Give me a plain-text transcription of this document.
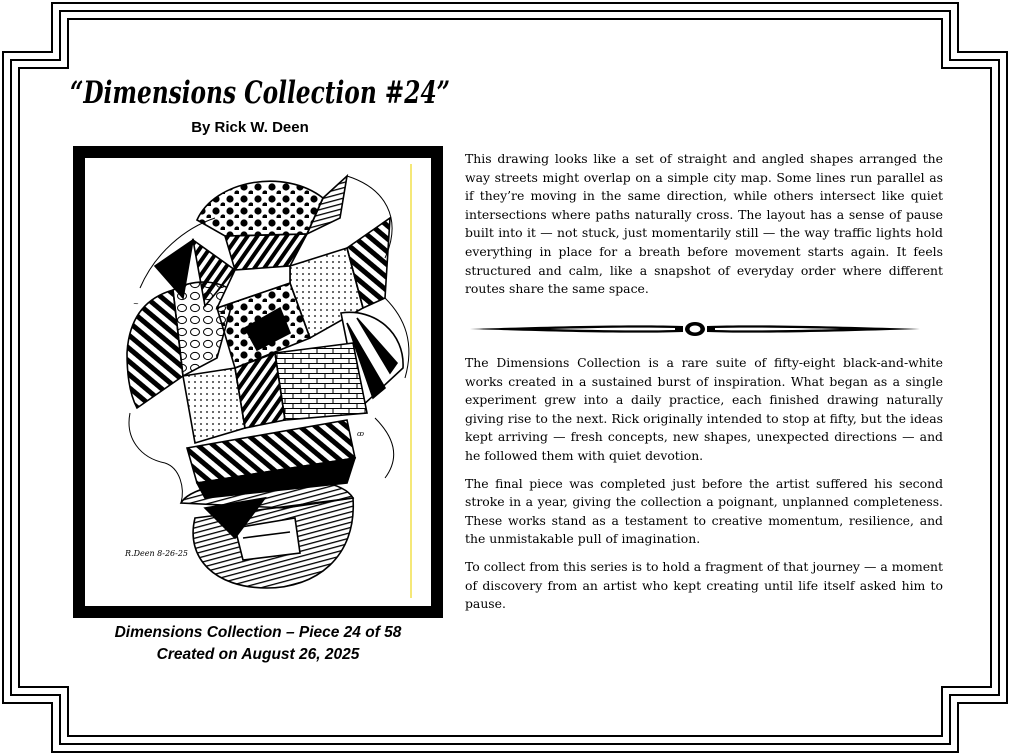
“Dimensions Collection #24”
By Rick W. Deen
ꝏ
~
R.Deen 8-26-25
Dimensions Collection – Piece 24 of 58
Created on August 26, 2025

This drawing looks like a set of straight and angled shapes arranged the way streets might overlap on a simple city map. Some lines run parallel as if they’re moving in the same direction, while others intersect like quiet intersections where paths naturally cross. The layout has a sense of pause built into it — not stuck, just momentarily still — the way traffic lights hold everything in place for a breath before movement starts again. It feels structured and calm, like a snapshot of everyday order where different routes share the same space.

The Dimensions Collection is a rare suite of fifty-eight black-and-white works created in a sustained burst of inspiration. What began as a single experiment grew into a daily practice, each finished drawing naturally giving rise to the next. Rick originally intended to stop at fifty, but the ideas kept arriving — fresh concepts, new shapes, unexpected directions — and he followed them with quiet devotion.

The final piece was completed just before the artist suffered his second stroke in a year, giving the collection a poignant, unplanned completeness. These works stand as a testament to creative momentum, resilience, and the unmistakable pull of imagination.

To collect from this series is to hold a fragment of that journey — a moment of discovery from an artist who kept creating until life itself asked him to pause.
